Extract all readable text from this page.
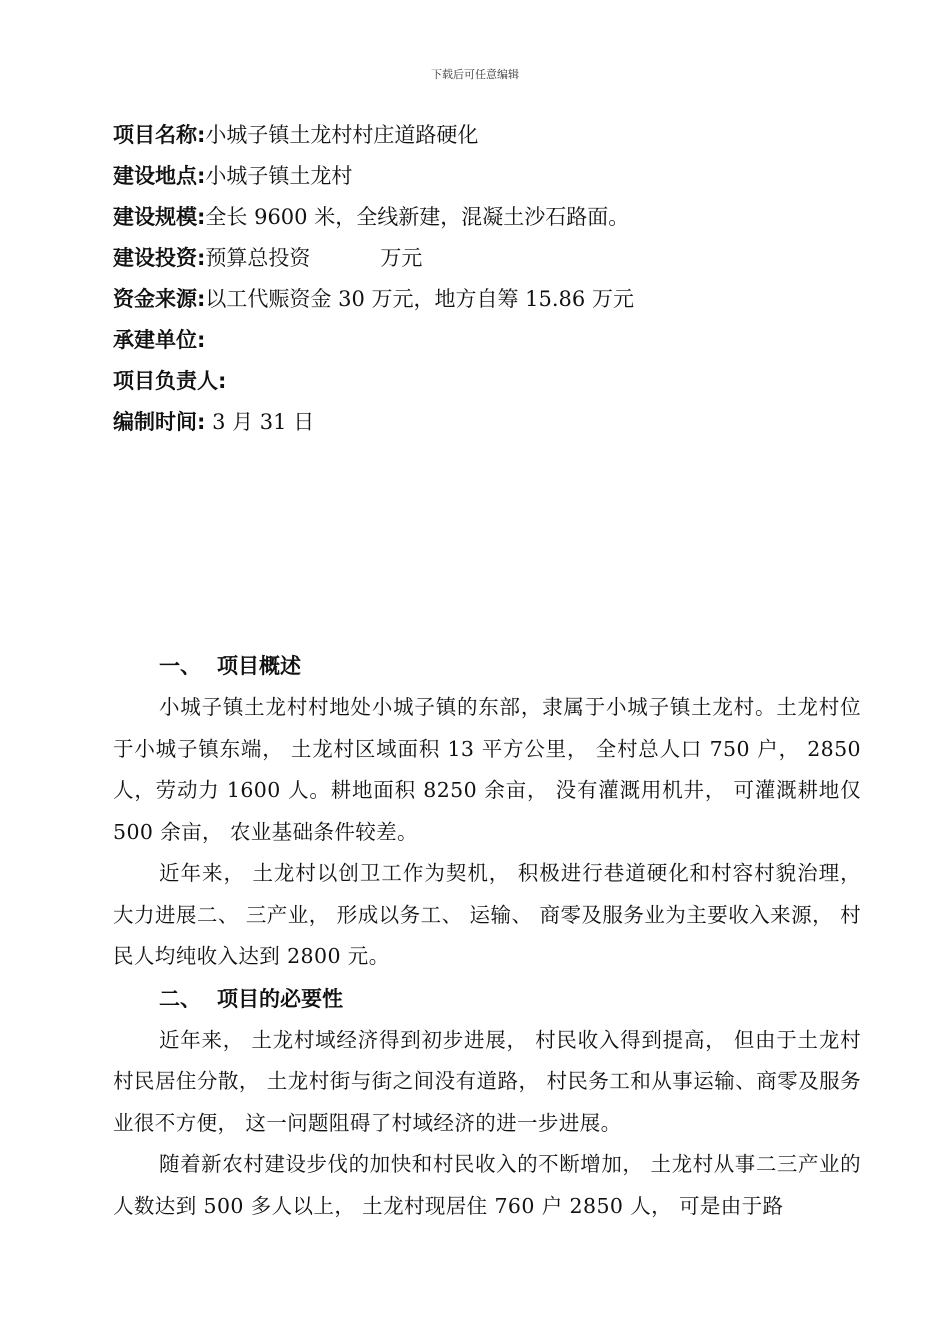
下载后可任意编辑
项目名称:小城子镇土龙村村庄道路硬化
建设地点:小城子镇土龙村
建设规模:全长 9600 米，全线新建，混凝土沙石路面。
建设投资:预算总投资	万元
资金来源:以工代赈资金 30 万元，地方自筹 15.86 万元
承建单位:
项目负责人:
编制时间: 3 月 31 日
一、 项目概述

小城子镇土龙村村地处小城子镇的东部，隶属于小城子镇土龙村。土龙村位于小城子镇东端， 土龙村区域面积 13 平方公里， 全村总人口 750 户， 2850 人，劳动力 1600 人。耕地面积 8250 余亩， 没有灌溉用机井， 可灌溉耕地仅 500 余亩， 农业基础条件较差。

近年来， 土龙村以创卫工作为契机， 积极进行巷道硬化和村容村貌治理， 大力进展二、 三产业， 形成以务工、 运输、 商零及服务业为主要收入来源， 村民人均纯收入达到 2800 元。

二、 项目的必要性

近年来， 土龙村域经济得到初步进展， 村民收入得到提高， 但由于土龙村村民居住分散， 土龙村街与街之间没有道路， 村民务工和从事运输、商零及服务业很不方便， 这一问题阻碍了村域经济的进一步进展。

随着新农村建设步伐的加快和村民收入的不断增加， 土龙村从事二三产业的人数达到 500 多人以上， 土龙村现居住 760 户 2850 人， 可是由于路
